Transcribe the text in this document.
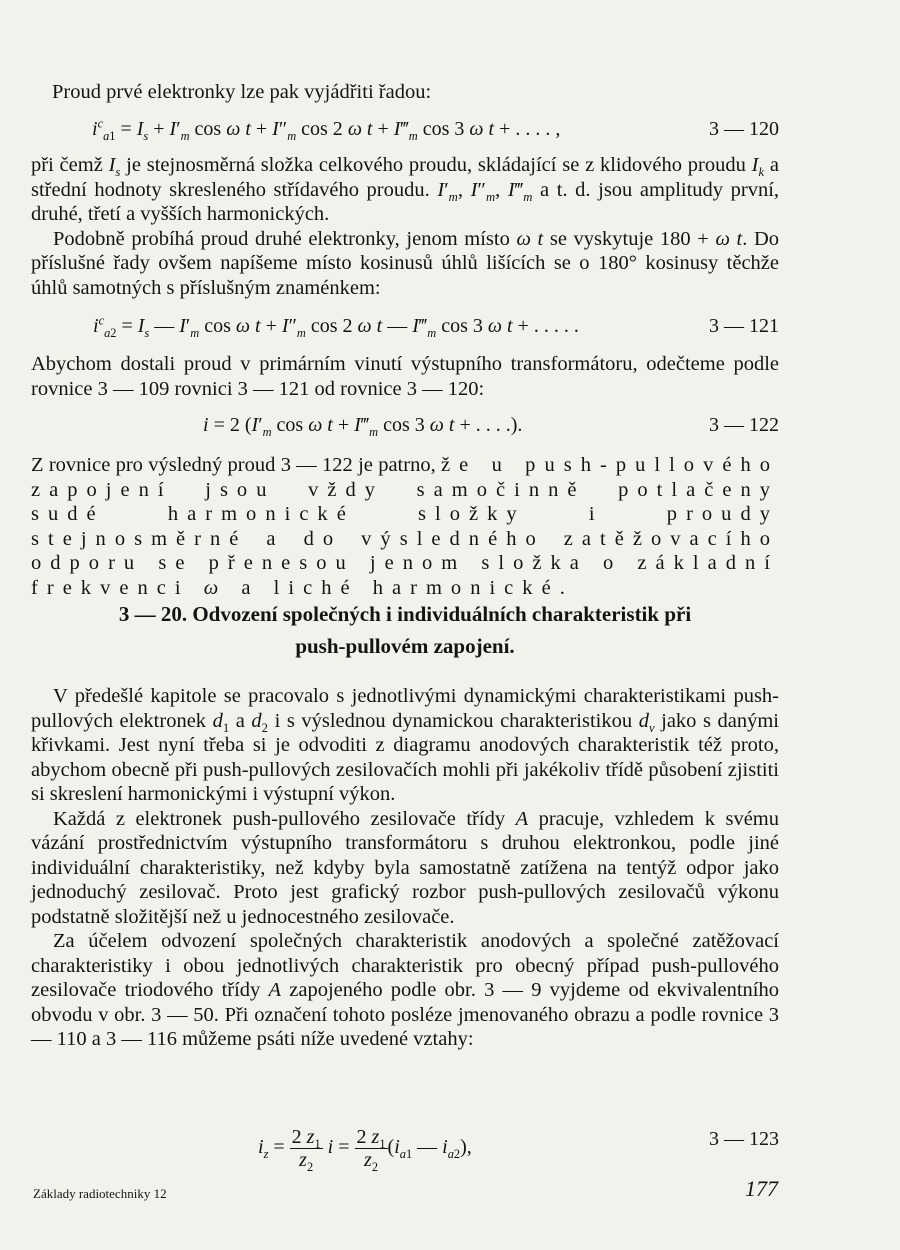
Proud prvé elektronky lze pak vyjádřiti řadou:
$i^c_{a1} = I_s + I'_m$ cos ω $t + I''_m$ cos 2 ω $t + I‴_m$ cos 3 ω t + . . . . ,	3 — 120

při čemž $I_s$ je stejnosměrná složka celkového proudu, skládající se z klidového proudu $I_k$ a střední hodnoty skresleného střídavého proudu. $I'_m$, $I''_m$, $I‴_m$ a t. d. jsou amplitudy první, druhé, třetí a vyšších harmonických.

Podobně probíhá proud druhé elektronky, jenom místo ω t se vyskytuje 180 + ω t. Do příslušné řady ovšem napíšeme místo kosinusů úhlů lišících se o 180° kosinusy těchže úhlů samotných s příslušným znaménkem:

$i^c_{a2} = I_s$ — $I'_m$ cos ω $t + I''_m$ cos 2 ω t — $I‴_m$ cos 3 ω t + . . . . .	3 — 121

Abychom dostali proud v primárním vinutí výstupního transformátoru, odečteme podle rovnice 3 — 109 rovnici 3 — 121 od rovnice 3 — 120:

i = 2 ($I'_m$ cos ω $t + I‴_m$ cos 3 ω t + . . . .).	3 — 122

Z rovnice pro výsledný proud 3 — 122 je patrno, že u push-pullového zapojení jsou vždy samočinně potlačeny sudé harmonické složky i proudy stejnosměrné a do výsledného zatěžovacího odporu se přenesou jenom složka o základní frekvenci ω a liché harmonické.

3 — 20. Odvození společných i individuálních charakteristik při
push-pullovém zapojení.

V předešlé kapitole se pracovalo s jednotlivými dynamickými charakteristikami push-pullových elektronek $d_1$ a $d_2$ i s výslednou dynamickou charakteristikou $d_v$ jako s danými křivkami. Jest nyní třeba si je odvoditi z diagramu anodových charakteristik též proto, abychom obecně při push-pullových zesilovačích mohli při jakékoliv třídě působení zjistiti si skreslení harmonickými i výstupní výkon.

Každá z elektronek push-pullového zesilovače třídy A pracuje, vzhledem k svému vázání prostřednictvím výstupního transformátoru s druhou elektronkou, podle jiné individuální charakteristiky, než kdyby byla samostatně zatížena na tentýž odpor jako jednoduchý zesilovač. Proto jest grafický rozbor push-pullových zesilovačů výkonu podstatně složitější než u jednocestného zesilovače.

Za účelem odvození společných charakteristik anodových a společné zatěžovací charakteristiky i obou jednotlivých charakteristik pro obecný případ push-pullového zesilovače triodového třídy A zapojeného podle obr. 3 — 9 vyjdeme od ekvivalentního obvodu v obr. 3 — 50. Při označení tohoto posléze jmenovaného obrazu a podle rovnice 3 — 110 a 3 — 116 můžeme psáti níže uvedené vztahy:

$i_z = \frac{2 z_1}{z_2}$ $i = \frac{2 z_1}{z_2} (i_{a1}$ — $i_{a2}$),	3 — 123
Základy radiotechniky 12	177
